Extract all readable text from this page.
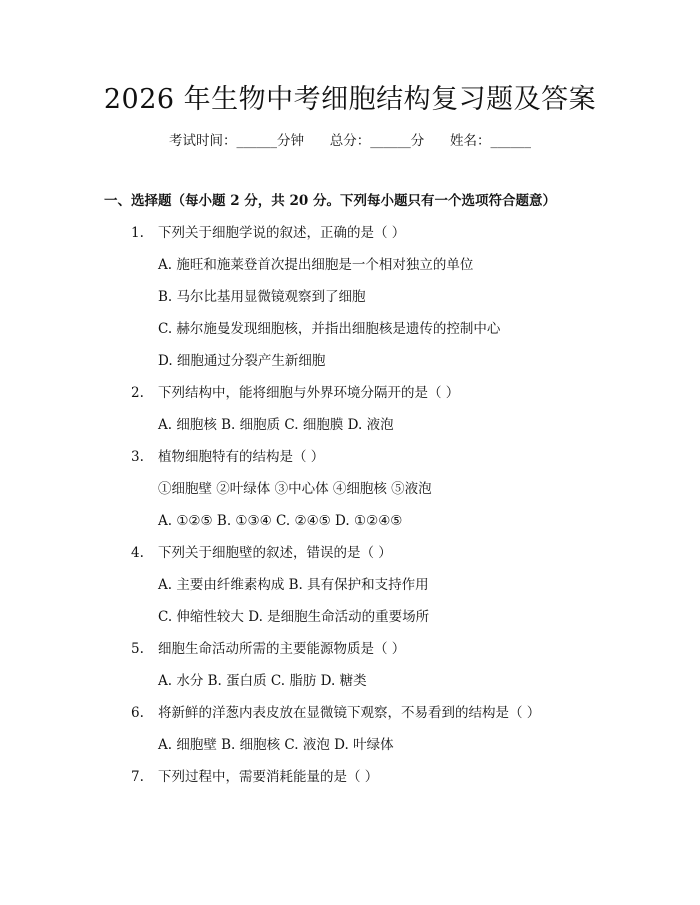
2026 年生物中考细胞结构复习题及答案
考试时间：______分钟      总分：______分      姓名：______
一、选择题（每小题 2 分，共 20 分。下列每小题只有一个选项符合题意）
1.	下列关于细胞学说的叙述，正确的是（ ）
A. 施旺和施莱登首次提出细胞是一个相对独立的单位
B. 马尔比基用显微镜观察到了细胞
C. 赫尔施曼发现细胞核，并指出细胞核是遗传的控制中心
D. 细胞通过分裂产生新细胞
2.	下列结构中，能将细胞与外界环境分隔开的是（ ）
A. 细胞核 B. 细胞质 C. 细胞膜 D. 液泡
3.	植物细胞特有的结构是（ ）
①细胞壁 ②叶绿体 ③中心体 ④细胞核 ⑤液泡
A. ①②⑤ B. ①③④ C. ②④⑤ D. ①②④⑤
4.	下列关于细胞壁的叙述，错误的是（ ）
A. 主要由纤维素构成 B. 具有保护和支持作用
C. 伸缩性较大 D. 是细胞生命活动的重要场所
5.	细胞生命活动所需的主要能源物质是（ ）
A. 水分 B. 蛋白质 C. 脂肪 D. 糖类
6.	将新鲜的洋葱内表皮放在显微镜下观察，不易看到的结构是（ ）
A. 细胞壁 B. 细胞核 C. 液泡 D. 叶绿体
7.	下列过程中，需要消耗能量的是（ ）
